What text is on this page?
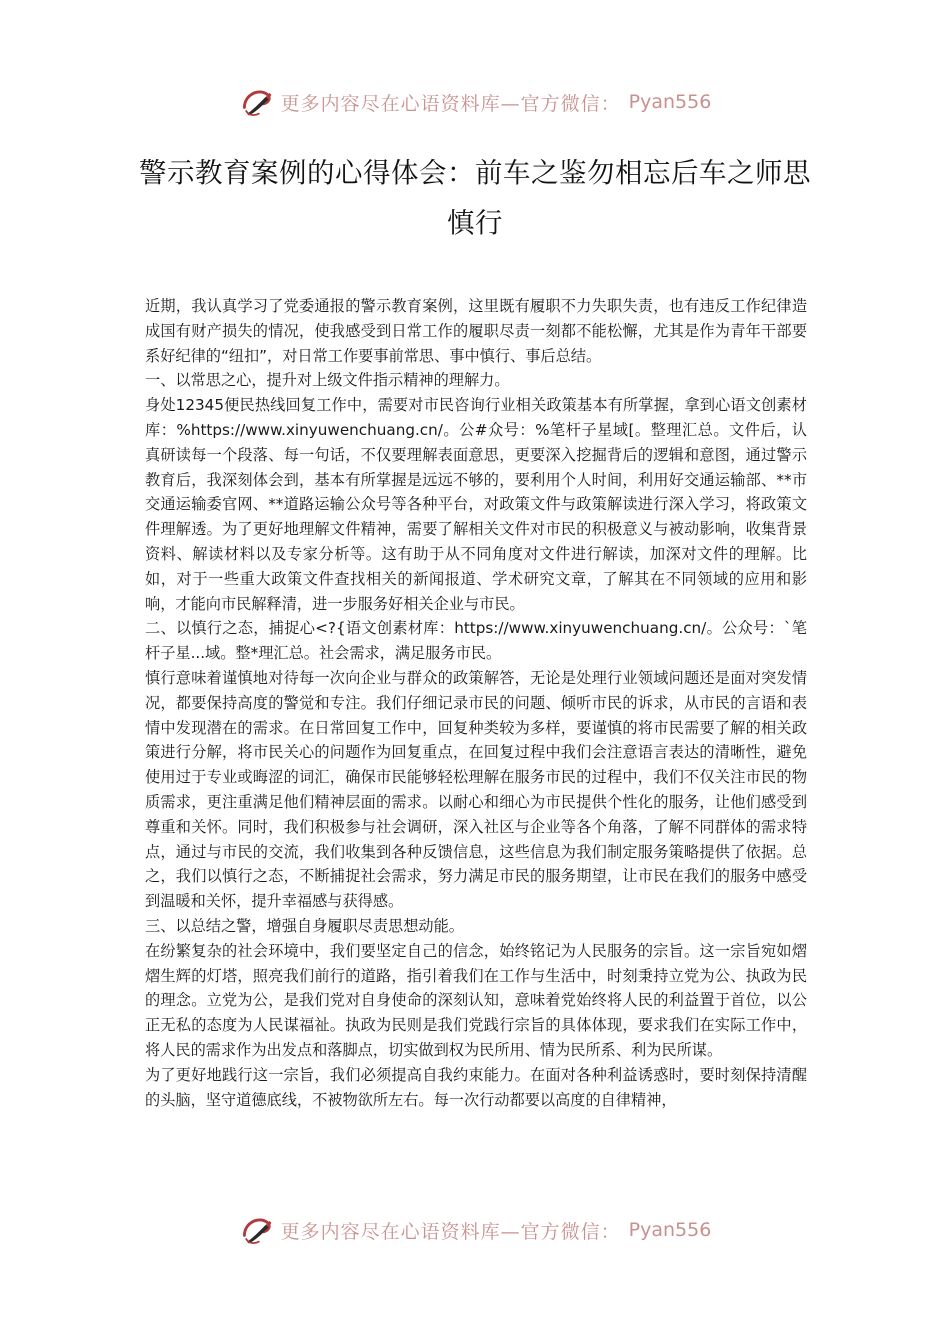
更多内容尽在心语资料库—官方微信： Pyan556
警示教育案例的心得体会：前车之鉴勿相忘后车之师思慎行

近期，我认真学习了党委通报的警示教育案例，这里既有履职不力失职失责，也有违反工作纪律造成国有财产损失的情况，使我感受到日常工作的履职尽责一刻都不能松懈，尤其是作为青年干部要系好纪律的“纽扣”，对日常工作要事前常思、事中慎行、事后总结。

一、以常思之心，提升对上级文件指示精神的理解力。

身处12345便民热线回复工作中，需要对市民咨询行业相关政策基本有所掌握，拿到心语文创素材库：%https://www.xinyuwenchuang.cn/。公#众号：%笔杆子星域[。整理汇总。文件后，认真研读每一个段落、每一句话，不仅要理解表面意思，更要深入挖掘背后的逻辑和意图，通过警示教育后，我深刻体会到，基本有所掌握是远远不够的，要利用个人时间，利用好交通运输部、**市交通运输委官网、**道路运输公众号等各种平台，对政策文件与政策解读进行深入学习，将政策文件理解透。为了更好地理解文件精神，需要了解相关文件对市民的积极意义与被动影响，收集背景资料、解读材料以及专家分析等。这有助于从不同角度对文件进行解读，加深对文件的理解。比如，对于一些重大政策文件查找相关的新闻报道、学术研究文章，了解其在不同领域的应用和影响，才能向市民解释清，进一步服务好相关企业与市民。

二、以慎行之态，捕捉心<?{语文创素材库：https://www.xinyuwenchuang.cn/。公众号：`笔杆子星...域。整*理汇总。社会需求，满足服务市民。

慎行意味着谨慎地对待每一次向企业与群众的政策解答，无论是处理行业领域问题还是面对突发情况，都要保持高度的警觉和专注。我们仔细记录市民的问题、倾听市民的诉求，从市民的言语和表情中发现潜在的需求。在日常回复工作中，回复种类较为多样，要谨慎的将市民需要了解的相关政策进行分解，将市民关心的问题作为回复重点，在回复过程中我们会注意语言表达的清晰性，避免使用过于专业或晦涩的词汇，确保市民能够轻松理解在服务市民的过程中，我们不仅关注市民的物质需求，更注重满足他们精神层面的需求。以耐心和细心为市民提供个性化的服务，让他们感受到尊重和关怀。同时，我们积极参与社会调研，深入社区与企业等各个角落，了解不同群体的需求特点，通过与市民的交流，我们收集到各种反馈信息，这些信息为我们制定服务策略提供了依据。总之，我们以慎行之态，不断捕捉社会需求，努力满足市民的服务期望，让市民在我们的服务中感受到温暖和关怀，提升幸福感与获得感。

三、以总结之警，增强自身履职尽责思想动能。

在纷繁复杂的社会环境中，我们要坚定自己的信念，始终铭记为人民服务的宗旨。这一宗旨宛如熠熠生辉的灯塔，照亮我们前行的道路，指引着我们在工作与生活中，时刻秉持立党为公、执政为民的理念。立党为公，是我们党对自身使命的深刻认知，意味着党始终将人民的利益置于首位，以公正无私的态度为人民谋福祉。执政为民则是我们党践行宗旨的具体体现，要求我们在实际工作中，将人民的需求作为出发点和落脚点，切实做到权为民所用、情为民所系、利为民所谋。

为了更好地践行这一宗旨，我们必须提高自我约束能力。在面对各种利益诱惑时，要时刻保持清醒的头脑，坚守道德底线，不被物欲所左右。每一次行动都要以高度的自律精神，

更多内容尽在心语资料库—官方微信： Pyan556
